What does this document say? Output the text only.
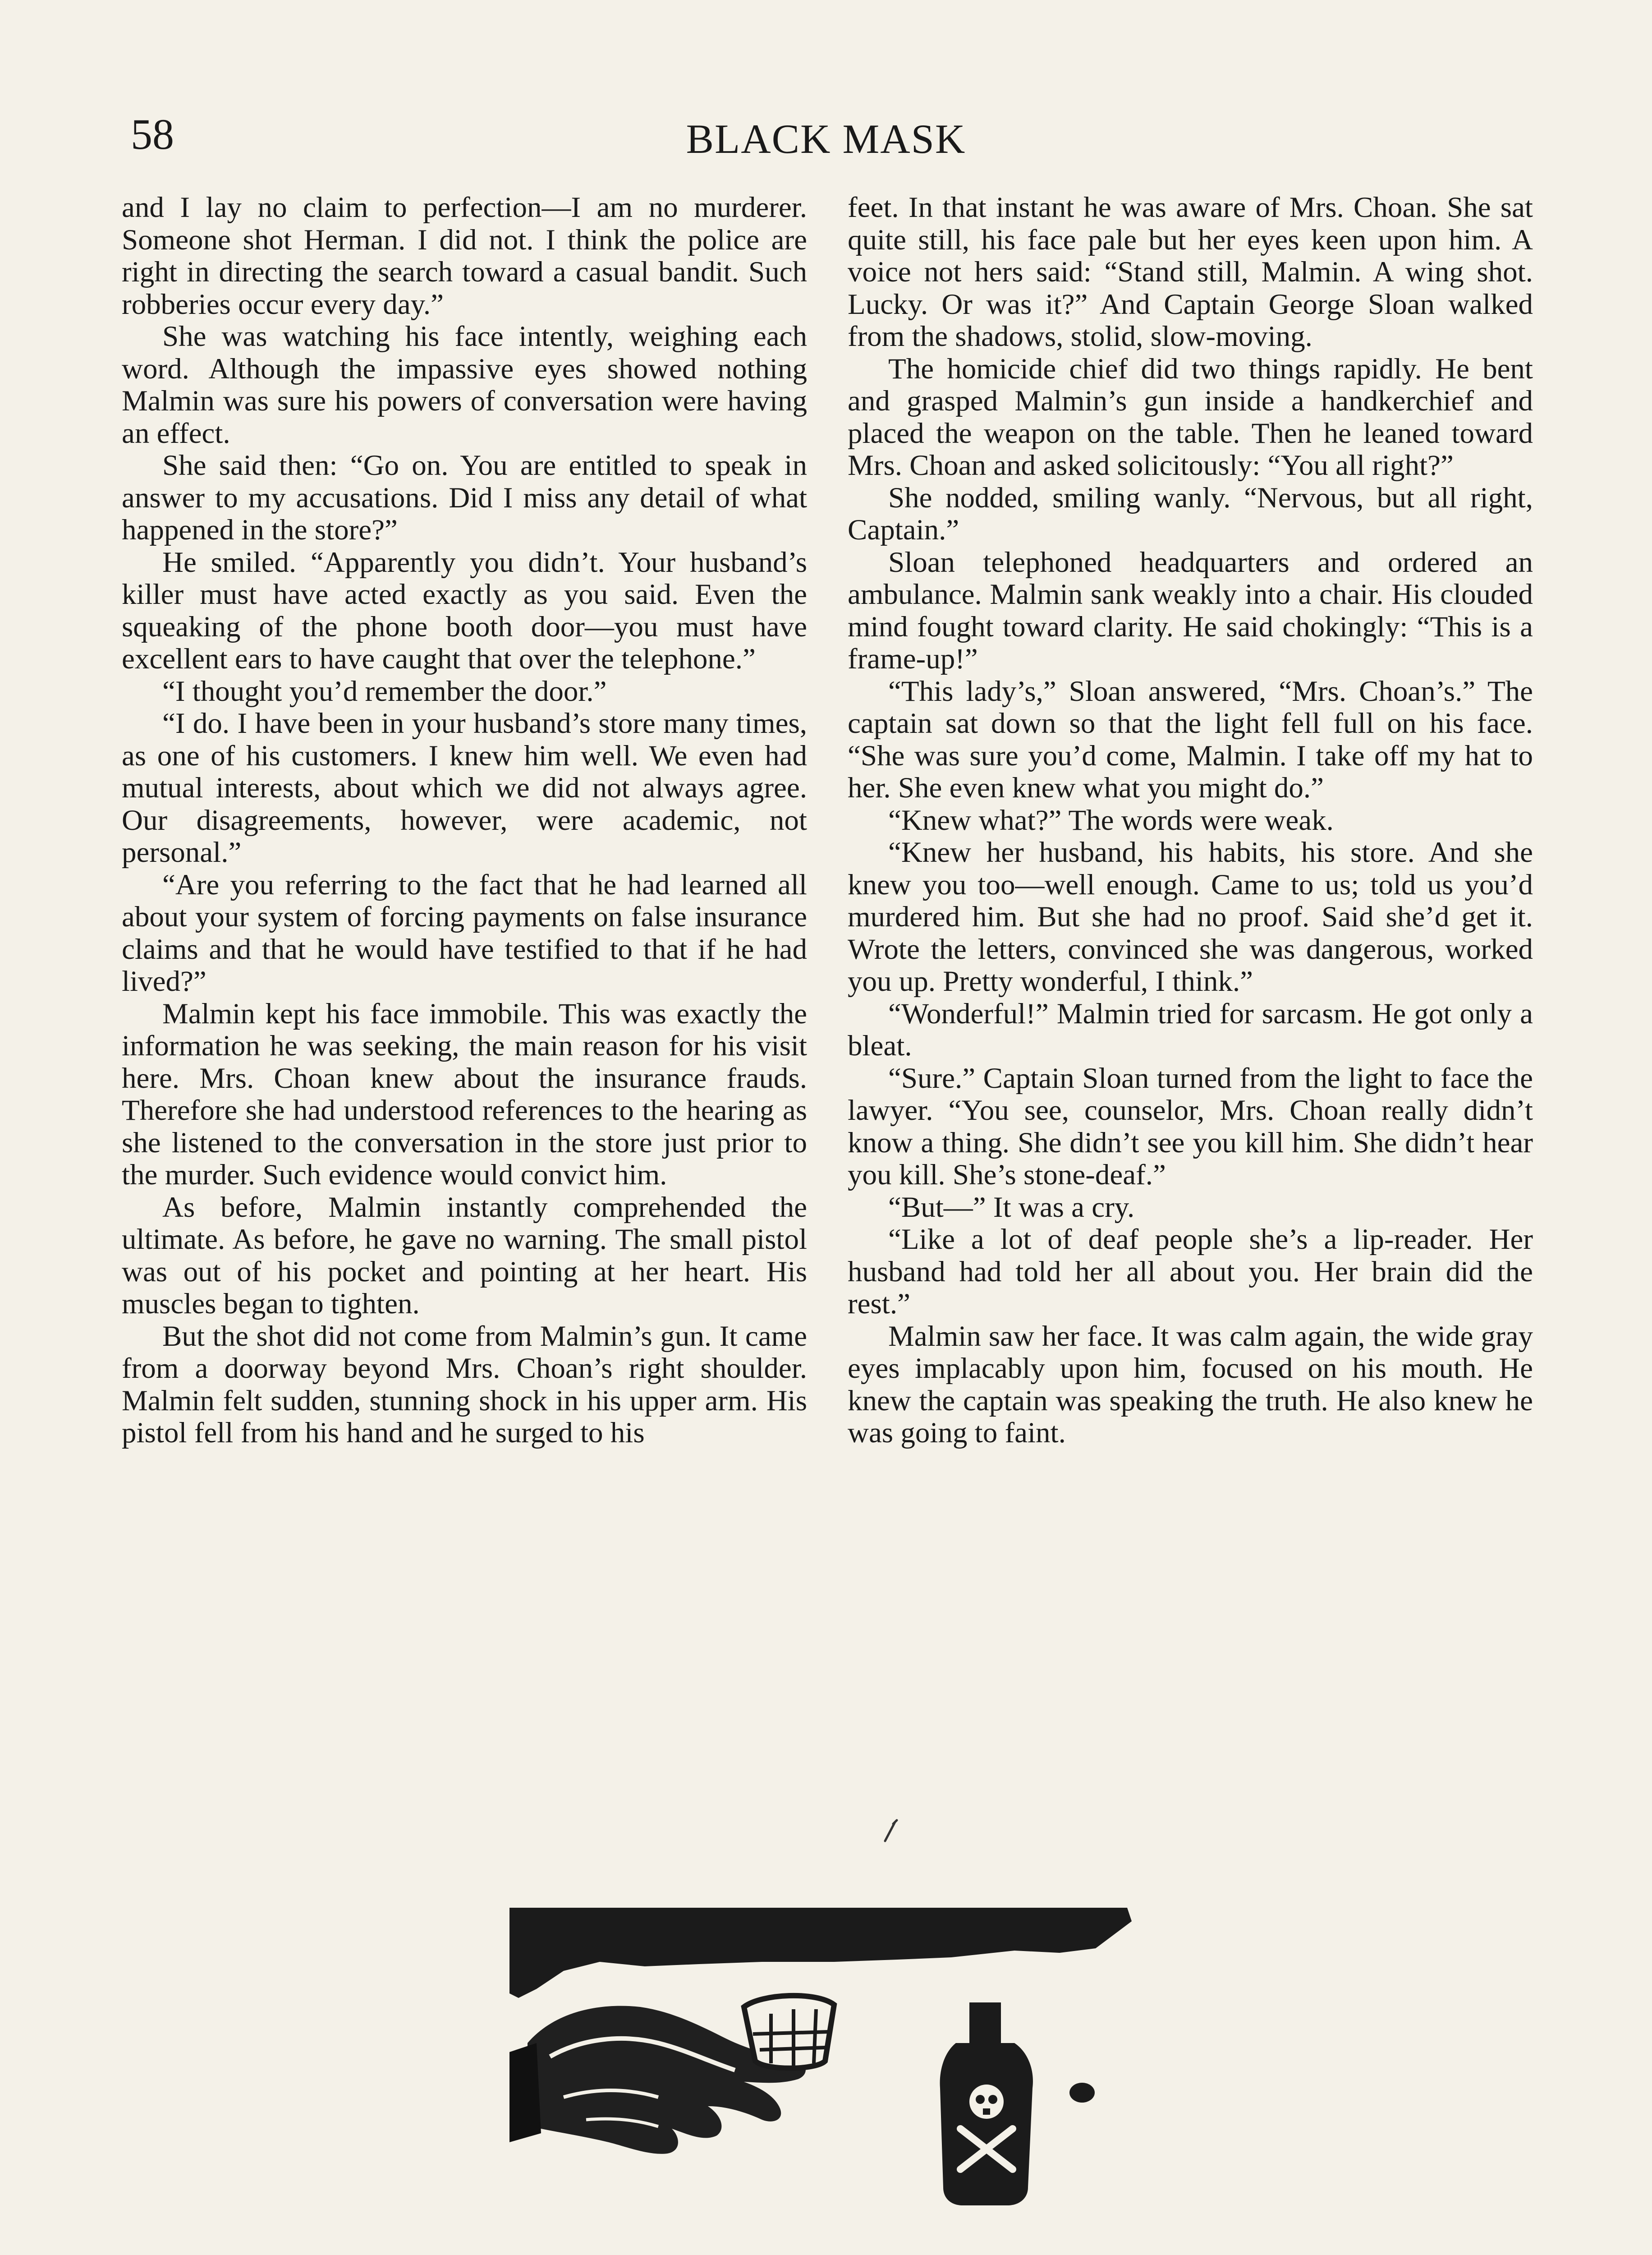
58	BLACK MASK

and I lay no claim to perfection—I am no murderer. Someone shot Herman. I did not. I think the police are right in directing the search toward a casual bandit. Such robberies occur every day.”

She was watching his face intently, weighing each word. Although the impassive eyes showed nothing Malmin was sure his powers of conversation were having an effect.

She said then: “Go on. You are entitled to speak in answer to my accusations. Did I miss any detail of what happened in the store?”

He smiled. “Apparently you didn’t. Your husband’s killer must have acted exactly as you said. Even the squeaking of the phone booth door—you must have excellent ears to have caught that over the telephone.”

“I thought you’d remember the door.”

“I do. I have been in your husband’s store many times, as one of his customers. I knew him well. We even had mutual interests, about which we did not always agree. Our disagreements, however, were academic, not personal.”

“Are you referring to the fact that he had learned all about your system of forcing payments on false insurance claims and that he would have testified to that if he had lived?”

Malmin kept his face immobile. This was exactly the information he was seeking, the main reason for his visit here. Mrs. Choan knew about the insurance frauds. Therefore she had understood references to the hearing as she listened to the conversation in the store just prior to the murder. Such evidence would convict him.

As before, Malmin instantly comprehended the ultimate. As before, he gave no warning. The small pistol was out of his pocket and pointing at her heart. His muscles began to tighten.

But the shot did not come from Malmin’s gun. It came from a doorway beyond Mrs. Choan’s right shoulder. Malmin felt sudden, stunning shock in his upper arm. His pistol fell from his hand and he surged to his

feet. In that instant he was aware of Mrs. Choan. She sat quite still, his face pale but her eyes keen upon him. A voice not hers said: “Stand still, Malmin. A wing shot. Lucky. Or was it?” And Captain George Sloan walked from the shadows, stolid, slow-moving.

The homicide chief did two things rapidly. He bent and grasped Malmin’s gun inside a handkerchief and placed the weapon on the table. Then he leaned toward Mrs. Choan and asked solicitously: “You all right?”

She nodded, smiling wanly. “Nervous, but all right, Captain.”

Sloan telephoned headquarters and ordered an ambulance. Malmin sank weakly into a chair. His clouded mind fought toward clarity. He said chokingly: “This is a frame-up!”

“This lady’s,” Sloan answered, “Mrs. Choan’s.” The captain sat down so that the light fell full on his face. “She was sure you’d come, Malmin. I take off my hat to her. She even knew what you might do.”

“Knew what?” The words were weak.

“Knew her husband, his habits, his store. And she knew you too—well enough. Came to us; told us you’d murdered him. But she had no proof. Said she’d get it. Wrote the letters, convinced she was dangerous, worked you up. Pretty wonderful, I think.”

“Wonderful!” Malmin tried for sarcasm. He got only a bleat.

“Sure.” Captain Sloan turned from the light to face the lawyer. “You see, counselor, Mrs. Choan really didn’t know a thing. She didn’t see you kill him. She didn’t hear you kill. She’s stone-deaf.”

“But—” It was a cry.

“Like a lot of deaf people she’s a lip-reader. Her husband had told her all about you. Her brain did the rest.”

Malmin saw her face. It was calm again, the wide gray eyes implacably upon him, focused on his mouth. He knew the captain was speaking the truth. He also knew he was going to faint.
